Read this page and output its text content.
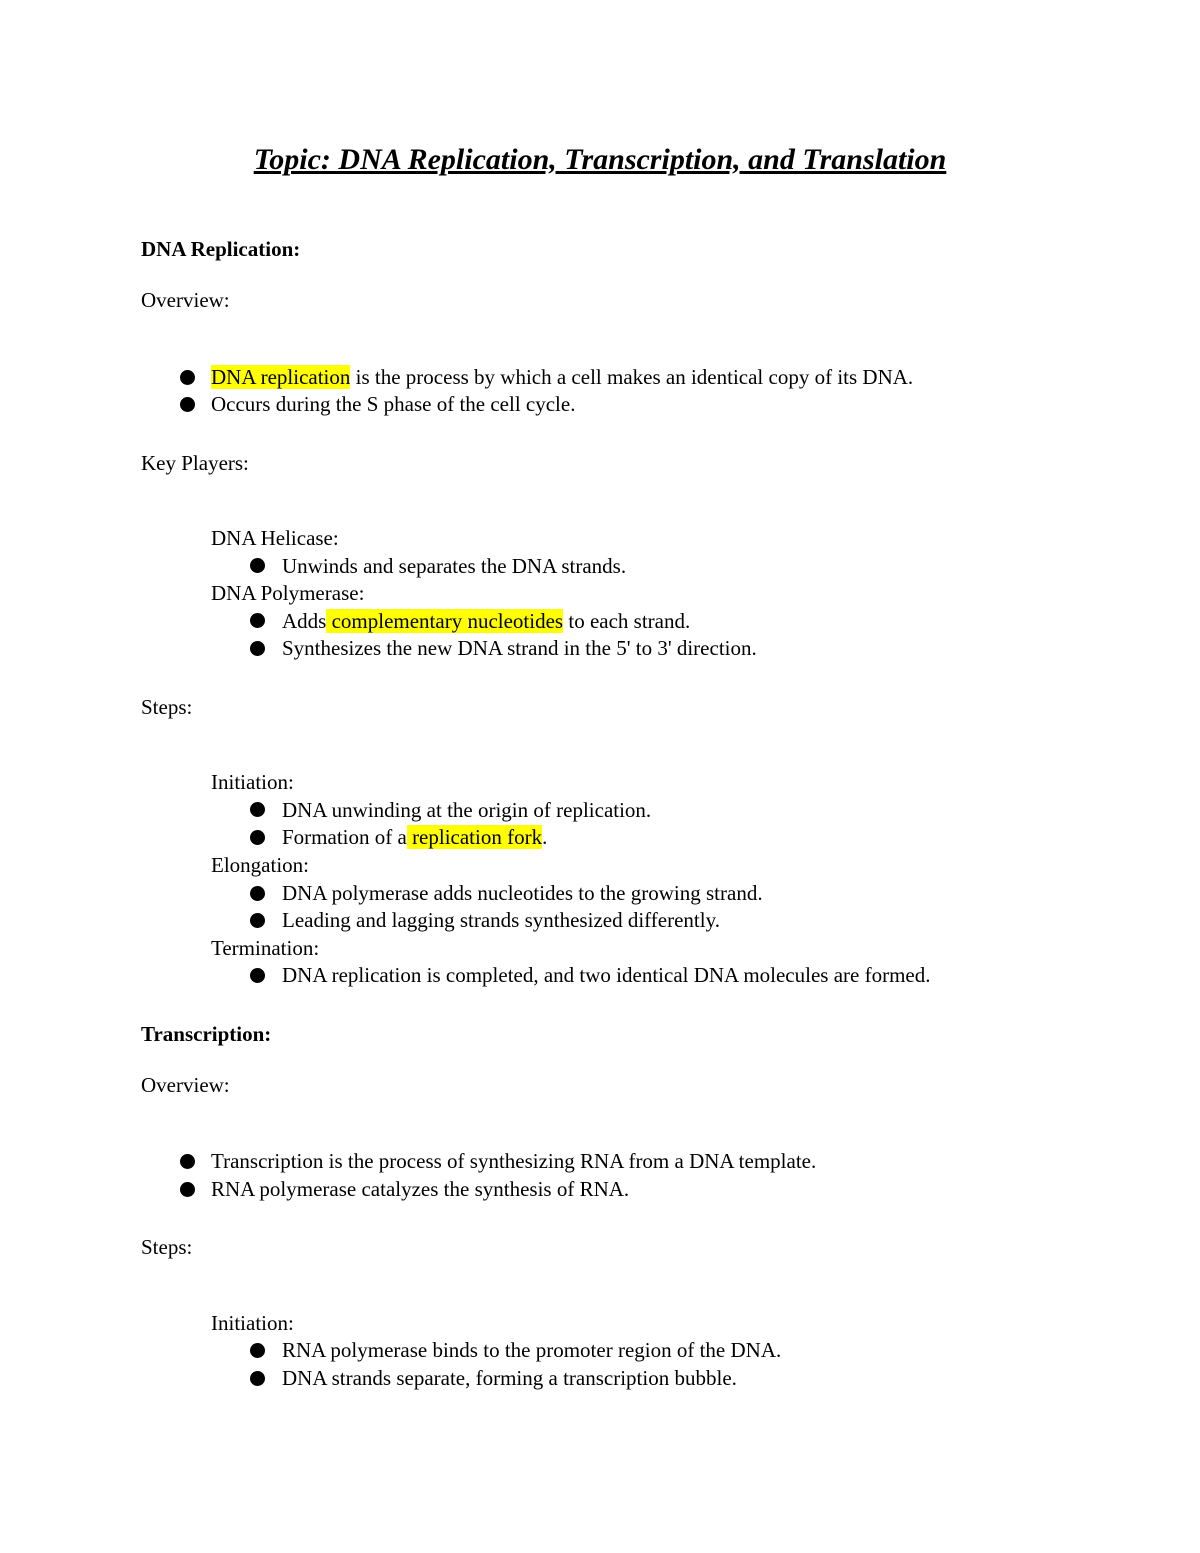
Topic: DNA Replication, Transcription, and Translation
DNA Replication:
Overview:
DNA replication is the process by which a cell makes an identical copy of its DNA.
Occurs during the S phase of the cell cycle.
Key Players:
DNA Helicase:
Unwinds and separates the DNA strands.
DNA Polymerase:
Adds complementary nucleotides to each strand.
Synthesizes the new DNA strand in the 5' to 3' direction.
Steps:
Initiation:
DNA unwinding at the origin of replication.
Formation of a replication fork.
Elongation:
DNA polymerase adds nucleotides to the growing strand.
Leading and lagging strands synthesized differently.
Termination:
DNA replication is completed, and two identical DNA molecules are formed.
Transcription:
Overview:
Transcription is the process of synthesizing RNA from a DNA template.
RNA polymerase catalyzes the synthesis of RNA.
Steps:
Initiation:
RNA polymerase binds to the promoter region of the DNA.
DNA strands separate, forming a transcription bubble.
